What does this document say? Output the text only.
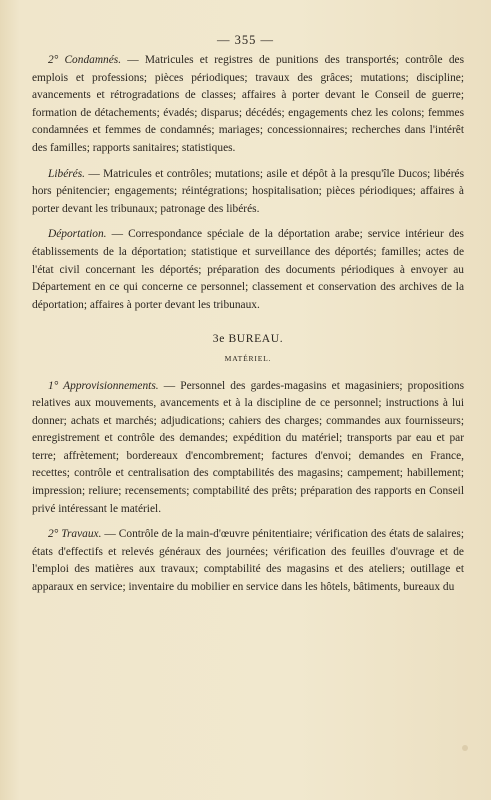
— 355 —

2° Condamnés. — Matricules et registres de punitions des transportés; contrôle des emplois et professions; pièces périodiques; travaux des grâces; mutations; discipline; avancements et rétrogradations de classes; affaires à porter devant le Conseil de guerre; formation de détachements; évadés; disparus; décédés; engagements chez les colons; femmes condamnées et femmes de condamnés; mariages; concessionnaires; recherches dans l'intérêt des familles; rapports sanitaires; statistiques.

Libérés. — Matricules et contrôles; mutations; asile et dépôt à la presqu'île Ducos; libérés hors pénitencier; engagements; réintégrations; hospitalisation; pièces périodiques; affaires à porter devant les tribunaux; patronage des libérés.

Déportation. — Correspondance spéciale de la déportation arabe; service intérieur des établissements de la déportation; statistique et surveillance des déportés; familles; actes de l'état civil concernant les déportés; préparation des documents périodiques à envoyer au Département en ce qui concerne ce personnel; classement et conservation des archives de la déportation; affaires à porter devant les tribunaux.

3e BUREAU.
MATÉRIEL.

1° Approvisionnements. — Personnel des gardes-magasins et magasiniers; propositions relatives aux mouvements, avancements et à la discipline de ce personnel; instructions à lui donner; achats et marchés; adjudications; cahiers des charges; commandes aux fournisseurs; enregistrement et contrôle des demandes; expédition du matériel; transports par eau et par terre; affrètement; bordereaux d'encombrement; factures d'envoi; demandes en France, recettes; contrôle et centralisation des comptabilités des magasins; campement; habillement; impression; reliure; recensements; comptabilité des prêts; préparation des rapports en Conseil privé intéressant le matériel.

2° Travaux. — Contrôle de la main-d'œuvre pénitentiaire; vérification des états de salaires; états d'effectifs et relevés généraux des journées; vérification des feuilles d'ouvrage et de l'emploi des matières aux travaux; comptabilité des magasins et des ateliers; outillage et apparaux en service; inventaire du mobilier en service dans les hôtels, bâtiments, bureaux du
